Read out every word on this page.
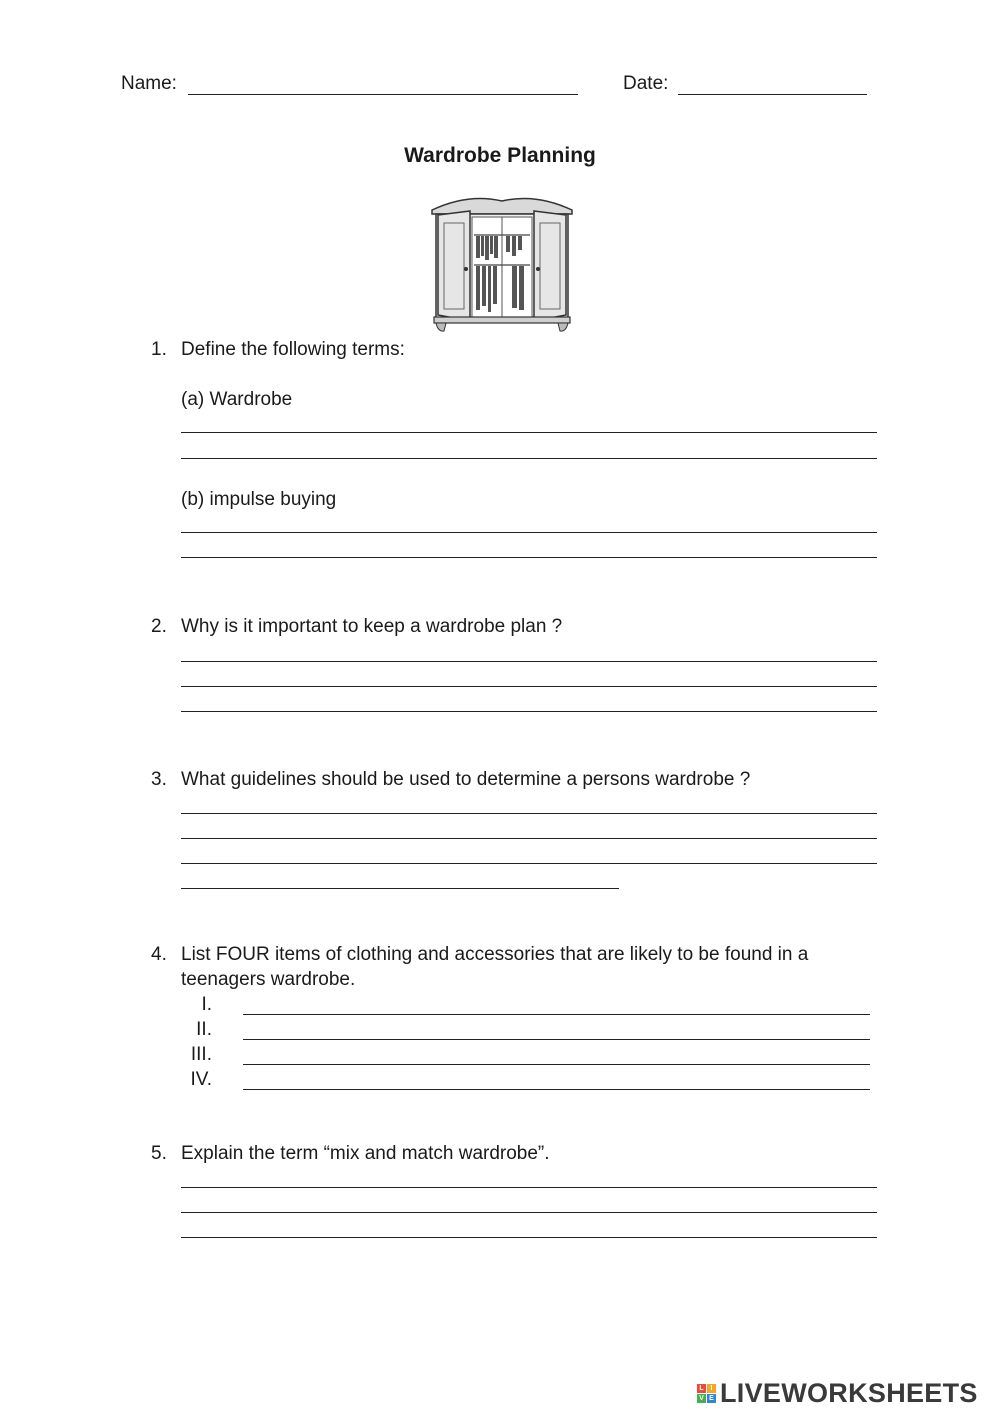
Name:	Date:
Wardrobe Planning
1. Define the following terms:
(a) Wardrobe
(b) impulse buying
2. Why is it important to keep a wardrobe plan ?
3. What guidelines should be used to determine a persons wardrobe ?
4. List FOUR items of clothing and accessories that are likely to be found in a
teenagers wardrobe.
I.
II.
III.
IV.
5. Explain the term “mix and match wardrobe”.
L I
V E LIVEWORKSHEETS
